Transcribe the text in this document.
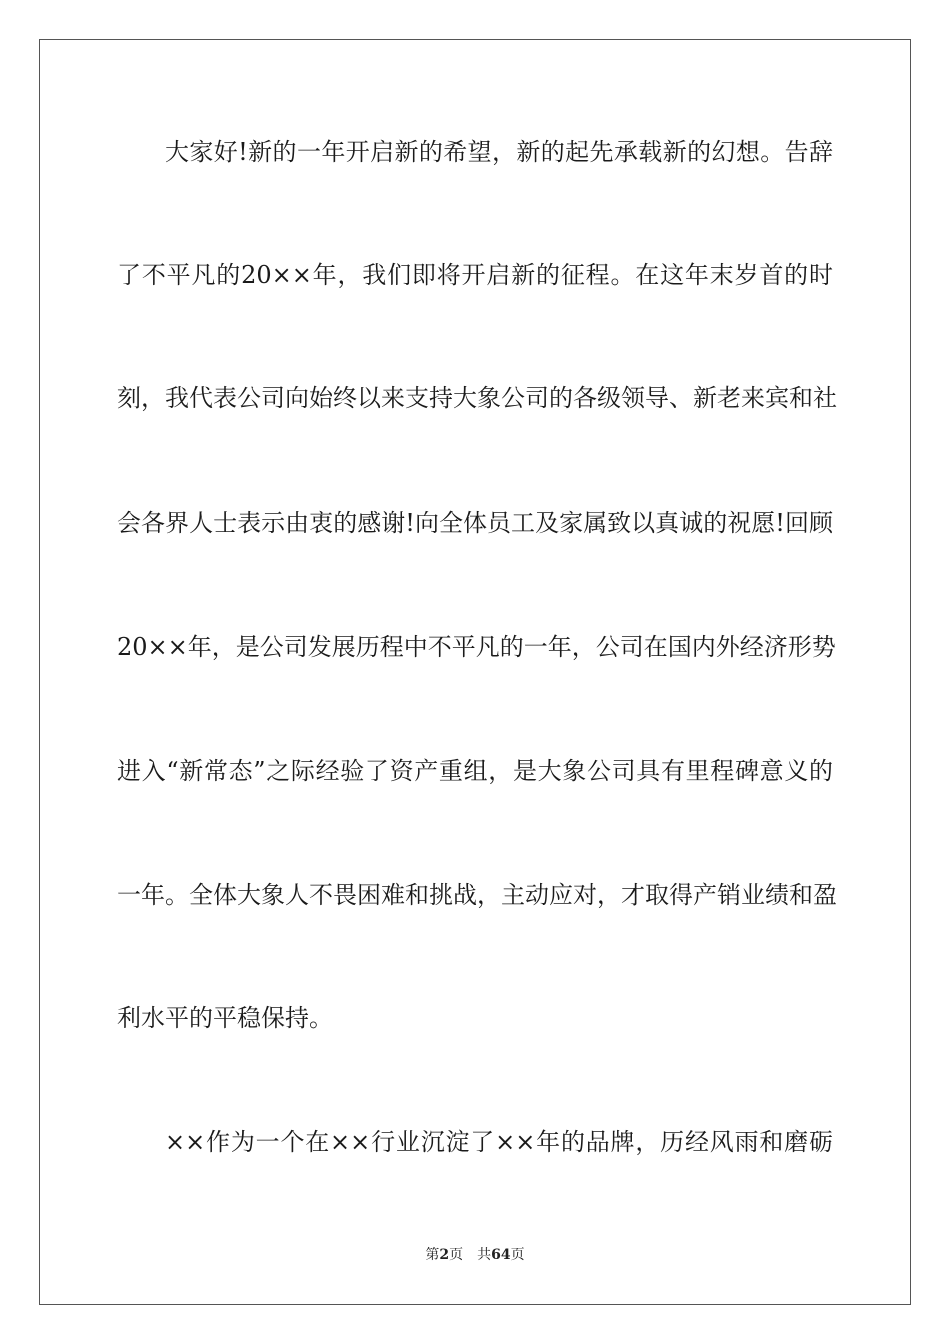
大家好!新的一年开启新的希望，新的起先承载新的幻想。告辞
了不平凡的20××年，我们即将开启新的征程。在这年末岁首的时
刻，我代表公司向始终以来支持大象公司的各级领导、新老来宾和社
会各界人士表示由衷的感谢!向全体员工及家属致以真诚的祝愿!回顾
20××年，是公司发展历程中不平凡的一年，公司在国内外经济形势
进入“新常态”之际经验了资产重组，是大象公司具有里程碑意义的
一年。全体大象人不畏困难和挑战，主动应对，才取得产销业绩和盈
利水平的平稳保持。
××作为一个在××行业沉淀了××年的品牌，历经风雨和磨砺
第2页 共64页
